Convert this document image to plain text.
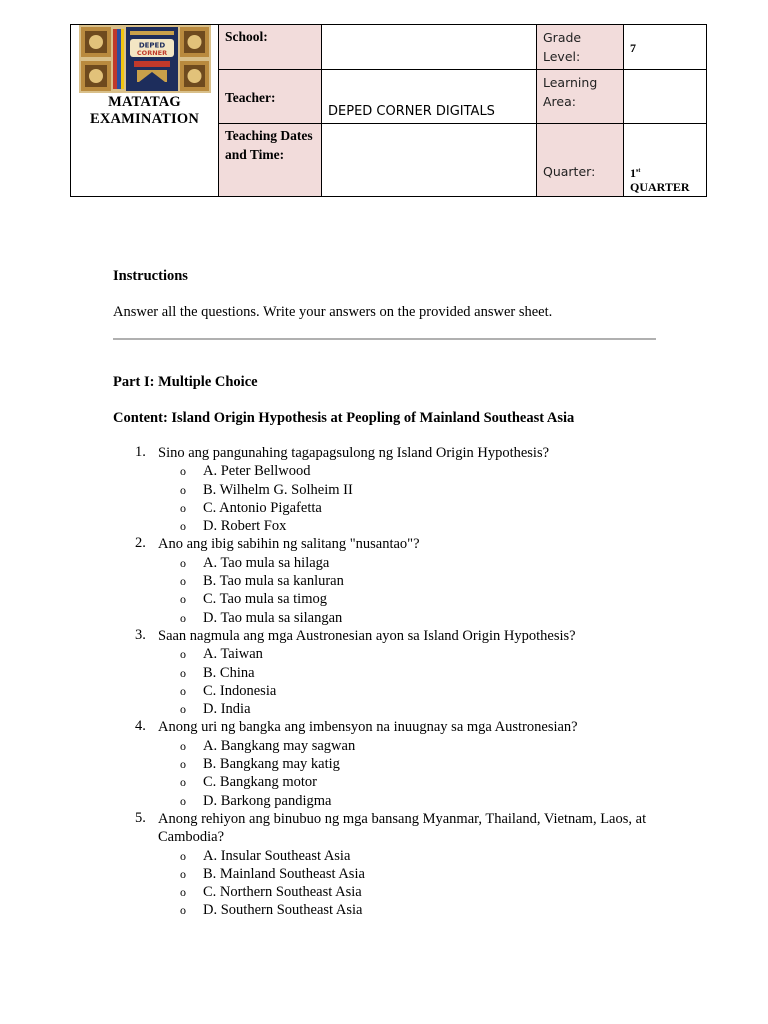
DEPED
CORNER
MATATAG
EXAMINATION	School:		Grade Level:	7
	Teacher:	DEPED CORNER DIGITALS	Learning Area:	
	Teaching Dates and Time:		Quarter:	1st
QUARTER

Instructions

Answer all the questions. Write your answers on the provided answer sheet.

Part I: Multiple Choice

Content: Island Origin Hypothesis at Peopling of Mainland Southeast Asia

1. Sino ang pangunahing tagapagsulong ng Island Origin Hypothesis?
o A. Peter Bellwood
o B. Wilhelm G. Solheim II
o C. Antonio Pigafetta
o D. Robert Fox
2. Ano ang ibig sabihin ng salitang "nusantao"?
o A. Tao mula sa hilaga
o B. Tao mula sa kanluran
o C. Tao mula sa timog
o D. Tao mula sa silangan
3. Saan nagmula ang mga Austronesian ayon sa Island Origin Hypothesis?
o A. Taiwan
o B. China
o C. Indonesia
o D. India
4. Anong uri ng bangka ang imbensyon na inuugnay sa mga Austronesian?
o A. Bangkang may sagwan
o B. Bangkang may katig
o C. Bangkang motor
o D. Barkong pandigma
5. Anong rehiyon ang binubuo ng mga bansang Myanmar, Thailand, Vietnam, Laos, at Cambodia?
o A. Insular Southeast Asia
o B. Mainland Southeast Asia
o C. Northern Southeast Asia
o D. Southern Southeast Asia
